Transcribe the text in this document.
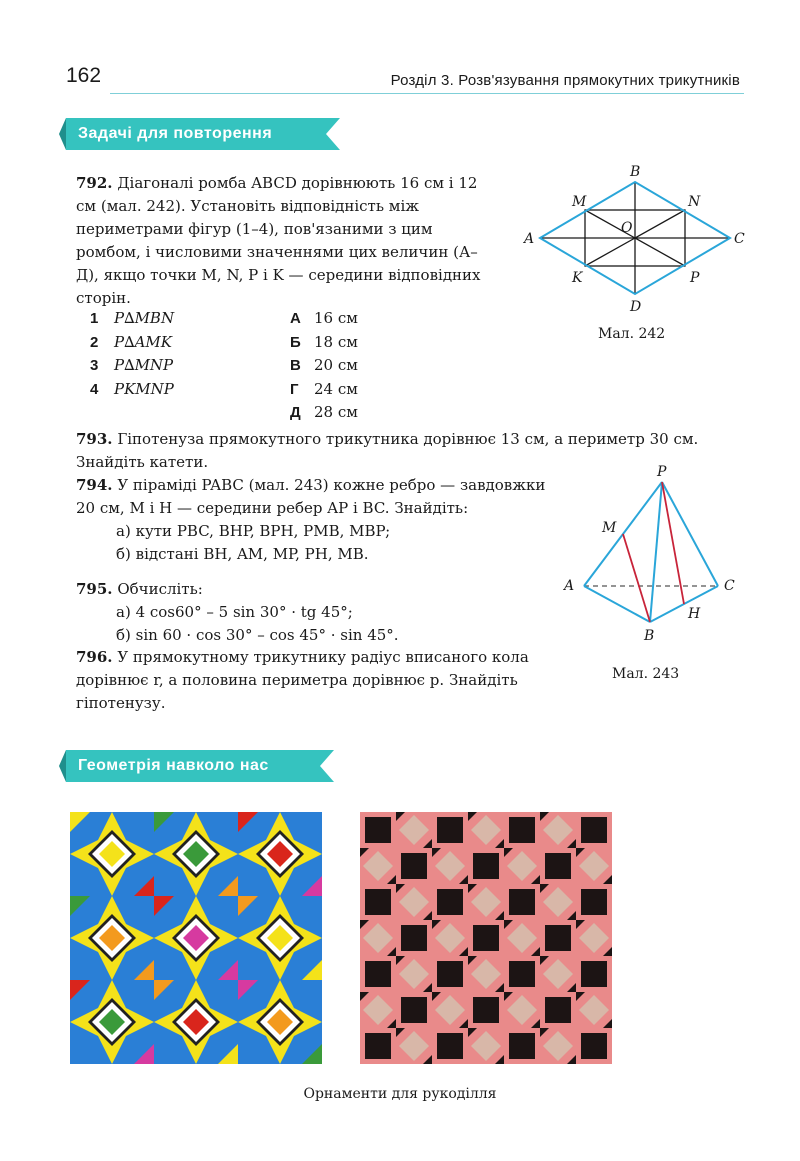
162	Розділ 3. Розв'язування прямокутних трикутників
Задачі для повторення
792. Діагоналі ромба ABCD дорівнюють 16 см і 12 см (мал. 242). Установіть відповідність між периметрами фігур (1–4), пов'язаними з цим ромбом, і числовими значеннями цих величин (А–Д), якщо точки M, N, P і K — середини відповідних сторін.
1 P∆MBN	А 16 см
2 P∆AMK	Б 18 см
3 P∆MNP	В 20 см
4 PKMNP	Г 24 см
Д 28 см
B
A	C
D
M	N
P
K
O
Мал. 242
793. Гіпотенуза прямокутного трикутника дорівнює 13 см, а периметр 30 см. Знайдіть катети.
794. У піраміді PABC (мал. 243) кожне ребро — завдовжки 20 см, M і H — середини ребер AP і BC. Знайдіть:
а) кути PBC, BHP, BPH, PMB, MBP;
б) відстані BH, AM, MP, PH, MB.
P
M
A	C
B
H
Мал. 243
795. Обчисліть:
а) 4 cos60° – 5 sin 30° · tg 45°;
б) sin 60 · cos 30° – cos 45° · sin 45°.
796. У прямокутному трикутнику радіус вписаного кола дорівнює r, а половина периметра дорівнює p. Знайдіть гіпотенузу.
Геометрія навколо нас
Орнаменти для рукоділля
